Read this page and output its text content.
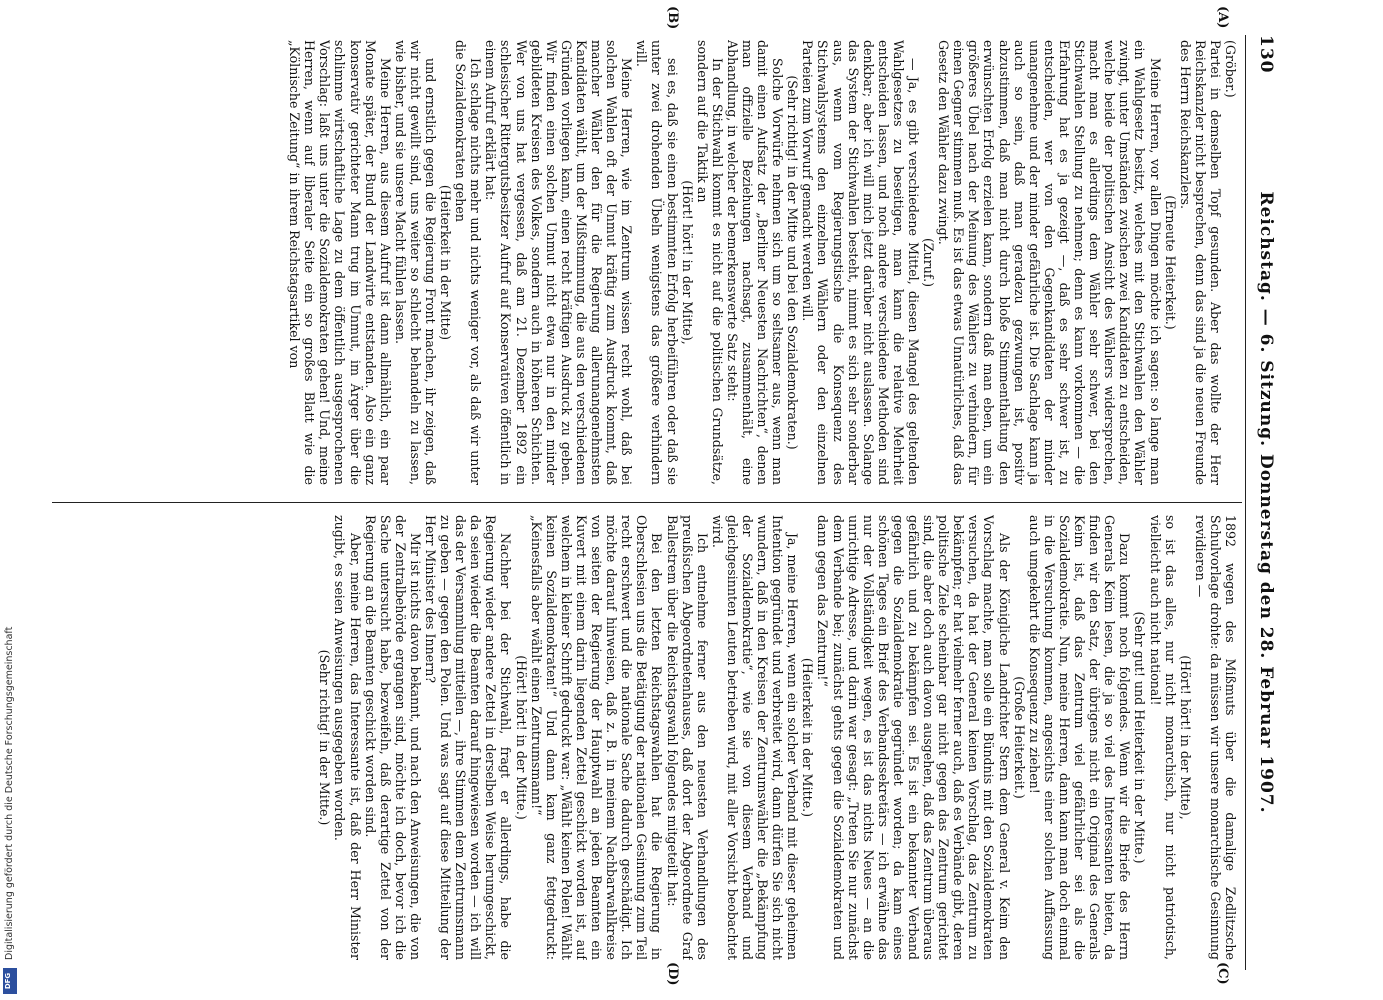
Digitalisierung gefördert durch die Deutsche Forschungsgemeinschaft
DFG
130
Reichstag. — 6. Sitzung. Donnerstag den 28. Februar 1907.
(A)
(B)
(C)
(D)

(Gröber.)

Partei in demselben Topf gesunden. Aber das wollte der Herr Reichskanzler nicht besprechen, denn das sind ja die neuen Freunde des Herrn Reichskanzlers.

(Erneute Heiterkeit.)

Meine Herren, vor allen Dingen möchte ich sagen: so lange man ein Wahlgesetz besitzt, welches mit den Stichwahlen den Wähler zwingt, unter Umständen zwischen zwei Kandidaten zu entscheiden, welche beide der politischen Ansicht des Wählers widersprechen, macht man es allerdings dem Wähler sehr schwer, bei den Stichwahlen Stellung zu nehmen; denn es kann vorkommen — die Erfahrung hat es ja gezeigt —, daß es sehr schwer ist, zu entscheiden, wer von den Gegenkandidaten der minder unangenehme und der minder gefährliche ist. Die Sachlage kann ja auch so sein, daß man geradezu gezwungen ist, positiv abzustimmen, daß man nicht durch bloße Stimmenthaltung den erwünschten Erfolg erzielen kann, sondern daß man eben, um ein größeres Übel nach der Meinung des Wählers zu verhindern, für einen Gegner stimmen muß. Es ist das etwas Unnatürliches, daß das Gesetz den Wähler dazu zwingt.

(Zuruf.)

— Ja, es gibt verschiedene Mittel, diesen Mangel des geltenden Wahlgesetzes zu beseitigen, man kann die relative Mehrheit entscheiden lassen, und noch andere verschiedene Methoden sind denkbar; aber ich will mich jetzt darüber nicht auslassen. Solange das System der Stichwahlen besteht, nimmt es sich sehr sonderbar aus, wenn vom Regierungstische die Konsequenz des Stichwahlsystems den einzelnen Wählern oder den einzelnen Parteien zum Vorwurf gemacht werden will.

(Sehr richtig! in der Mitte und bei den Sozialdemokraten.)

Solche Vorwürfe nehmen sich um so seltsamer aus, wenn man damit einen Aufsatz der „Berliner Neuesten Nachrichten“, denen man offizielle Beziehungen nachsagt, zusammenhält, eine Abhandlung, in welcher der bemerkenswerte Satz steht:

In der Stichwahl kommt es nicht auf die politischen Grundsätze, sondern auf die Taktik an

(Hört! hört! in der Mitte),

sei es, daß sie einen bestimmten Erfolg herbeiführen oder daß sie unter zwei drohenden Übeln wenigstens das größere verhindern will.

Meine Herren, wie im Zentrum wissen recht wohl, daß bei solchen Wahlen oft der Unmut kräftig zum Ausdruck kommt, daß mancher Wähler den für die Regierung allerunangenehmsten Kandidaten wählt, um der Mißstimmung, die aus den verschiedenen Gründen vorliegen kann, einen recht kräftigen Ausdruck zu geben. Wir finden einen solchen Unmut nicht etwa nur in den minder gebildeten Kreisen des Volkes, sondern auch in höheren Schichten. Wer von uns hat vergessen, daß am 21. Dezember 1892 ein schlesischer Rittergutsbesitzer Aufruf auf Konservativen öffentlich in einem Aufruf erklärt hat:

Ich schlage nichts mehr und nichts weniger vor, als daß wir unter die Sozialdemokraten gehen

(Heiterkeit in der Mitte)

und ernstlich gegen die Regierung Front machen, ihr zeigen, daß wir nicht gewillt sind, uns weiter so schlecht behandeln zu lassen, wie bisher, und sie unsere Macht fühlen lassen.

Meine Herren, aus diesem Aufruf ist dann allmählich, ein paar Monate später, der Bund der Landwirte entstanden. Also ein ganz konservativ gerichteter Mann trug im Unmut, im Ärger über die schlimme wirtschaftliche Lage zu dem öffentlich ausgesprochenen Vorschlag: laßt uns unter die Sozialdemokraten gehen! Und, meine Herren, wenn auf liberaler Seite ein so großes Blatt wie die „Kölnische Zeitung“ in ihrem Reichstagsartikel von

1892 wegen des Mißmuts über die damalige Zedlitzsche Schulvorlage drohte: da müssen wir unsere monarchische Gesinnung revidieren —

(Hört! hört! in der Mitte),

so ist das alles, nur nicht monarchisch, nur nicht patriotisch, vielleicht auch nicht national!

(Sehr gut! und Heiterkeit in der Mitte.)

Dazu kommt noch folgendes. Wenn wir die Briefe des Herrn Generals Keim lesen, die ja so viel des Interessanten bieten, da finden wir den Satz, der übrigens nicht ein Original des Generals Keim ist, daß das Zentrum viel gefährlicher sei als die Sozialdemokratie. Nun, meine Herren, dann kann man doch einmal in die Versuchung kommen, angesichts einer solchen Auffassung auch umgekehrt die Konsequenz zu ziehen!

(Große Heiterkeit.)

Als der Königliche Landrichter Stern dem General v. Keim den Vorschlag machte, man solle ein Bündnis mit den Sozialdemokraten versuchen, da hat der General keinen Vorschlag, das Zentrum zu bekämpfen; er hat vielmehr ferner auch, daß es Verbände gibt, deren politische Ziele scheinbar gar nicht gegen das Zentrum gerichtet sind, die aber doch auch davon ausgehen, daß das Zentrum überaus gefährlich und zu bekämpfen sei. Es ist ein bekannter Verband gegen die Sozialdemokratie gegründet worden; da kam eines schönen Tages ein Brief des Verbandssekretärs — ich erwähne das nur der Vollständigkeit wegen, es ist das nichts Neues — an die unrichtige Adresse, und darin war gesagt: „Treten Sie nur zunächst dem Verbande bei; zunächst gehts gegen die Sozialdemokraten und dann gegen das Zentrum!“

(Heiterkeit in der Mitte.)

Ja, meine Herren, wenn ein solcher Verband mit dieser geheimen Intention gegründet und verbreitet wird, dann dürfen Sie sich nicht wundern, daß in den Kreisen der Zentrumswähler die „Bekämpfung der Sozialdemokratie“, wie sie von diesem Verband und gleichgesinnten Leuten betrieben wird, mit aller Vorsicht beobachtet wird.

Ich entnehme ferner aus den neuesten Verhandlungen des preußischen Abgeordnetenhauses, daß dort der Abgeordnete Graf Ballestrem über die Reichstagswahl folgendes mitgeteilt hat:

Bei den letzten Reichstagswahlen hat die Regierung in Oberschlesien uns die Betätigung der nationalen Gesinnung zum Teil recht erschwert und die nationale Sache dadurch geschädigt. Ich möchte darauf hinweisen, daß z. B. in meinem Nachbarwahlkreise von seiten der Regierung der Hauptwahl an jeden Beamten ein Kuvert mit einem darin liegenden Zettel geschickt worden ist, auf welchem in kleiner Schrift gedruckt war: „Wählt keinen Polen! Wählt keinen Sozialdemokraten!“ Und dann kam ganz fettgedruckt: „Keinesfalls aber wählt einen Zentrumsmann!“

(Hört! hört! in der Mitte.)

Nachher bei der Stichwahl, fragt er allerdings, habe die Regierung wieder andere Zettel in derselben Weise herumgeschickt, da seien wieder die Beamten darauf hingewiesen worden — ich will das der Versammlung mitteilen —, ihre Stimmen dem Zentrumsmann zu geben — gegen den Polen. Und was sagt auf diese Mitteilung der Herr Minister des Innern?

Mir ist nichts davon bekannt, und nach den Anweisungen, die von der Zentralbehörde ergangen sind, möchte ich doch, bevor ich die Sache untersucht habe, bezweifeln, daß derartige Zettel von der Regierung an die Beamten geschickt worden sind.

Aber, meine Herren, das Interessante ist, daß der Herr Minister zugibt, es seien Anweisungen ausgegeben worden.

(Sehr richtig! in der Mitte.)
